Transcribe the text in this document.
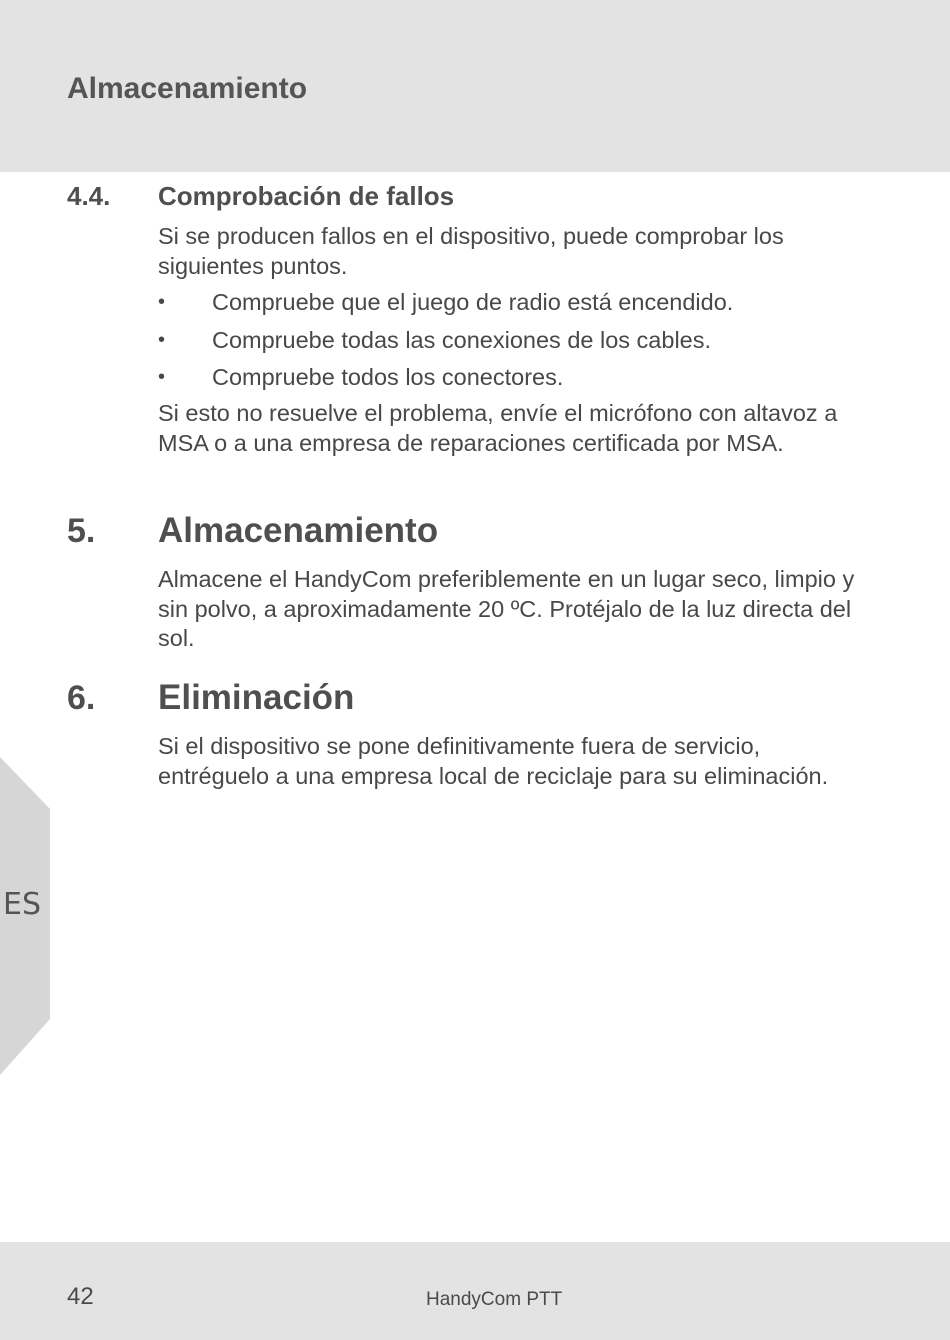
Almacenamiento
4.4. Comprobación de fallos

Si se producen fallos en el dispositivo, puede comprobar los siguientes puntos.

• Compruebe que el juego de radio está encendido.
• Compruebe todas las conexiones de los cables.
• Compruebe todos los conectores.

Si esto no resuelve el problema, envíe el micrófono con altavoz a MSA o a una empresa de reparaciones certificada por MSA.

5. Almacenamiento

Almacene el HandyCom preferiblemente en un lugar seco, limpio y sin polvo, a aproximadamente 20 ºC. Protéjalo de la luz directa del sol.

6. Eliminación

Si el dispositivo se pone definitivamente fuera de servicio, entréguelo a una empresa local de reciclaje para su eliminación.

ES
42	HandyCom PTT
